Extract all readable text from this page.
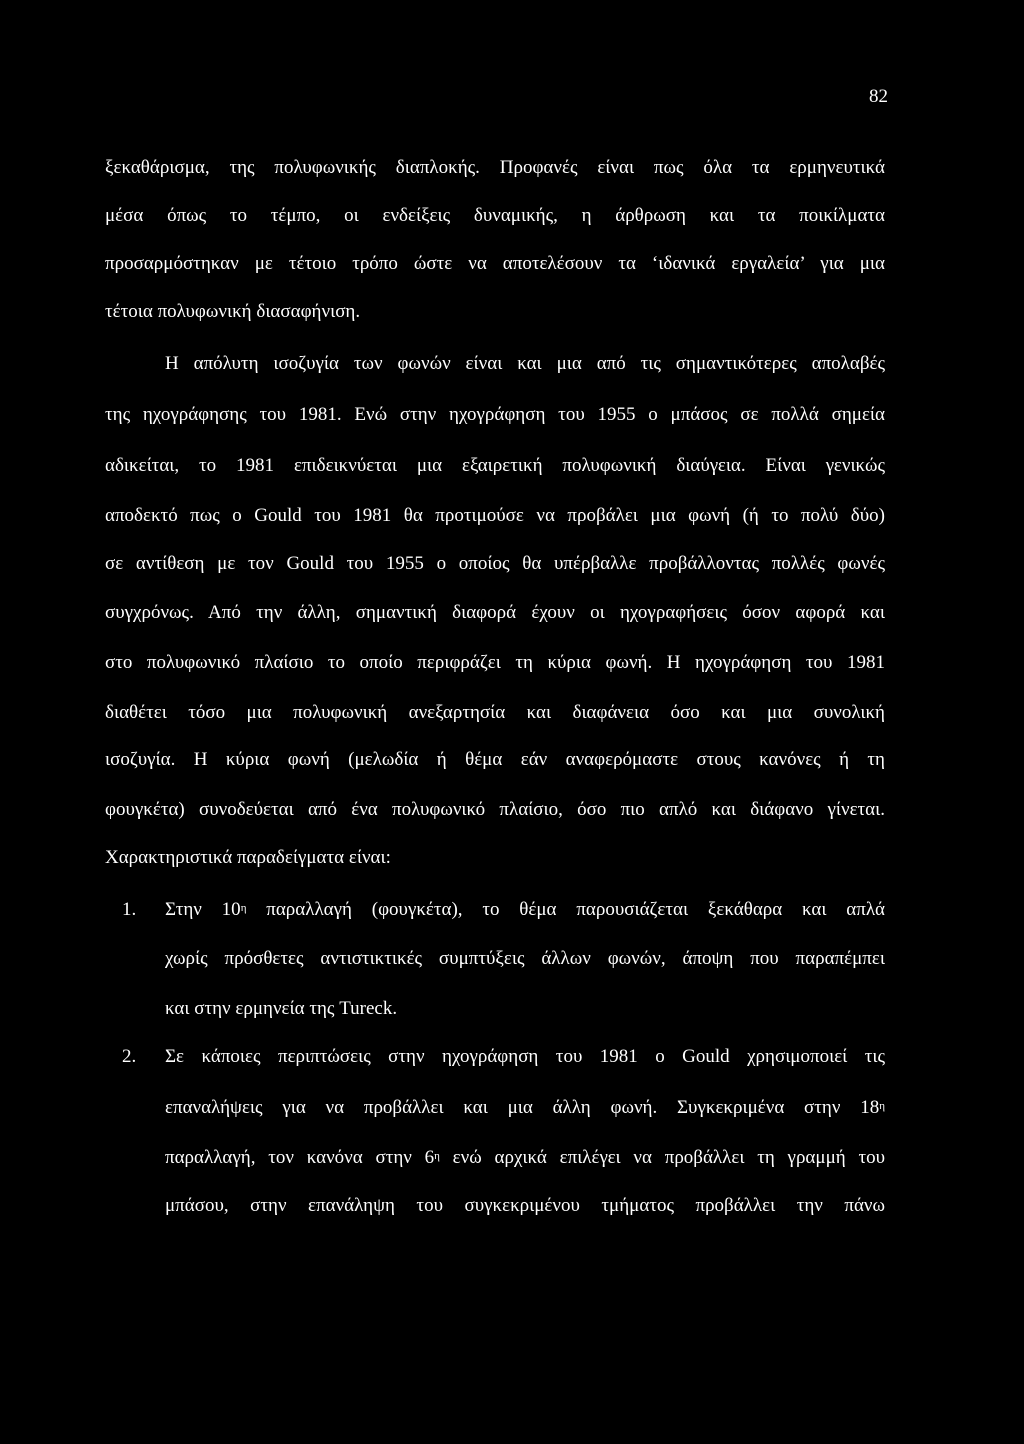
82
ξεκαθάρισμα, της πολυφωνικής διαπλοκής. Προφανές είναι πως όλα τα ερμηνευτικά
μέσα όπως το τέμπο, οι ενδείξεις δυναμικής, η άρθρωση και τα ποικίλματα
προσαρμόστηκαν με τέτοιο τρόπο ώστε να αποτελέσουν τα ‘ιδανικά εργαλεία’ για μια
τέτοια πολυφωνική διασαφήνιση.
Η απόλυτη ισοζυγία των φωνών είναι και μια από τις σημαντικότερες απολαβές
της ηχογράφησης του 1981. Ενώ στην ηχογράφηση του 1955 ο μπάσος σε πολλά σημεία
αδικείται, το 1981 επιδεικνύεται μια εξαιρετική πολυφωνική διαύγεια. Είναι γενικώς
αποδεκτό πως ο Gould του 1981 θα προτιμούσε να προβάλει μια φωνή (ή το πολύ δύο)
σε αντίθεση με τον Gould του 1955 ο οποίος θα υπέρβαλλε προβάλλοντας πολλές φωνές
συγχρόνως. Από την άλλη, σημαντική διαφορά έχουν οι ηχογραφήσεις όσον αφορά και
στο πολυφωνικό πλαίσιο το οποίο περιφράζει τη κύρια φωνή. Η ηχογράφηση του 1981
διαθέτει τόσο μια πολυφωνική ανεξαρτησία και διαφάνεια όσο και μια συνολική
ισοζυγία. Η κύρια φωνή (μελωδία ή θέμα εάν αναφερόμαστε στους κανόνες ή τη
φουγκέτα) συνοδεύεται από ένα πολυφωνικό πλαίσιο, όσο πιο απλό και διάφανο γίνεται.
Χαρακτηριστικά παραδείγματα είναι:
1. Στην $10^\eta$ παραλλαγή (φουγκέτα), το θέμα παρουσιάζεται ξεκάθαρα και απλά
χωρίς πρόσθετες αντιστικτικές συμπτύξεις άλλων φωνών, άποψη που παραπέμπει
και στην ερμηνεία της Tureck.
2. Σε κάποιες περιπτώσεις στην ηχογράφηση του 1981 ο Gould χρησιμοποιεί τις
επαναλήψεις για να προβάλλει και μια άλλη φωνή. Συγκεκριμένα στην $18^\eta$
παραλλαγή, τον κανόνα στην $6^\eta$ ενώ αρχικά επιλέγει να προβάλλει τη γραμμή του
μπάσου, στην επανάληψη του συγκεκριμένου τμήματος προβάλλει την πάνω
